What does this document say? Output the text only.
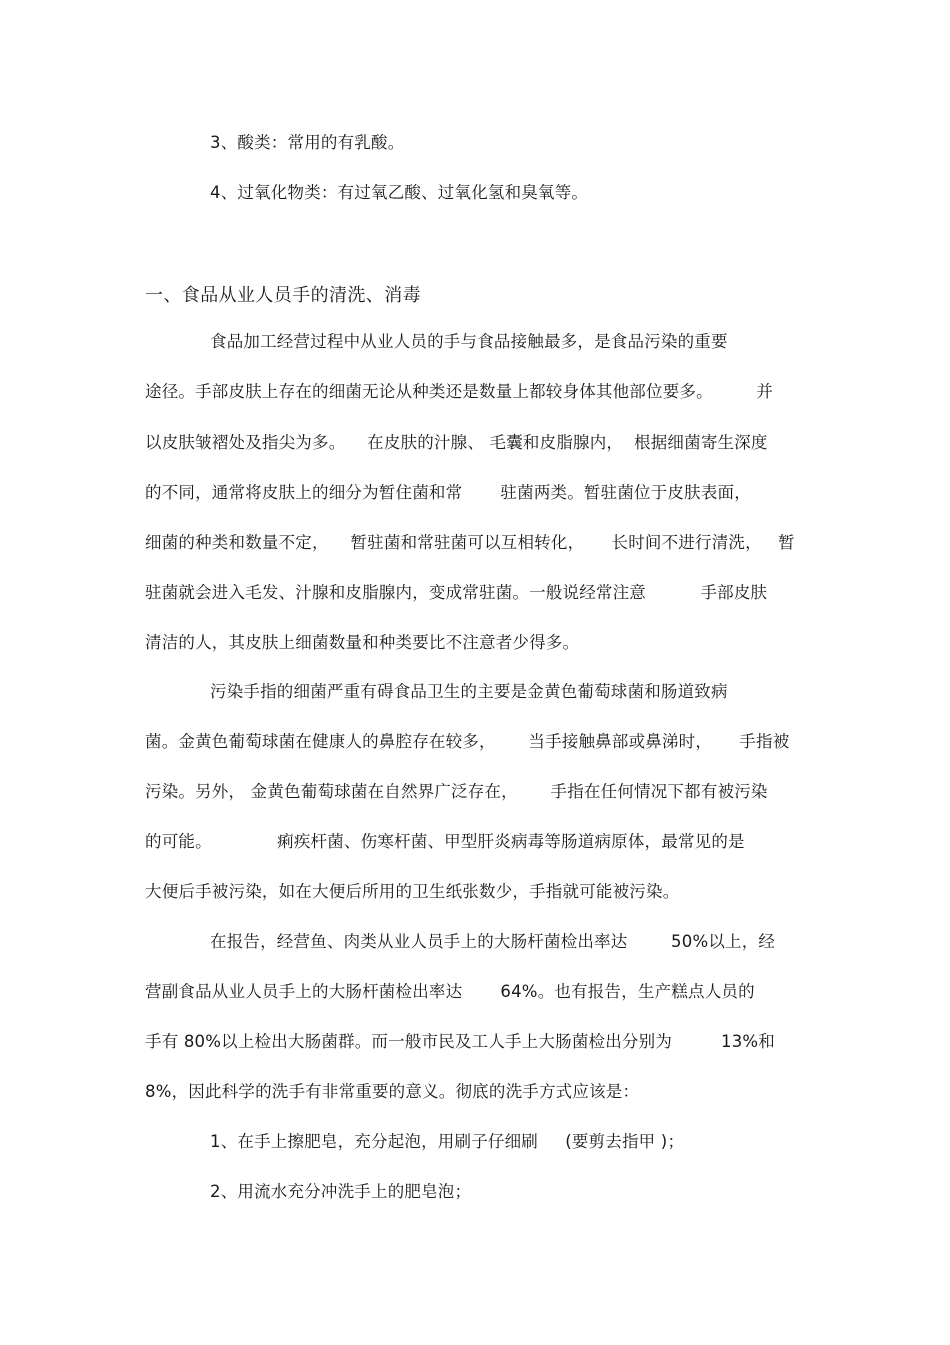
3、酸类：常用的有乳酸。
4、过氧化物类：有过氧乙酸、过氧化氢和臭氧等。
一、食品从业人员手的清洗、消毒
食品加工经营过程中从业人员的手与食品接触最多，是食品污染的重要
途径。手部皮肤上存在的细菌无论从种类还是数量上都较身体其他部位要多。        并
以皮肤皱褶处及指尖为多。    在皮肤的汁腺、 毛囊和皮脂腺内，  根据细菌寄生深度
的不同，通常将皮肤上的细分为暂住菌和常       驻菌两类。暂驻菌位于皮肤表面，
细菌的种类和数量不定，    暂驻菌和常驻菌可以互相转化，     长时间不进行清洗，   暂
驻菌就会进入毛发、汁腺和皮脂腺内，变成常驻菌。一般说经常注意          手部皮肤
清洁的人，其皮肤上细菌数量和种类要比不注意者少得多。
污染手指的细菌严重有碍食品卫生的主要是金黄色葡萄球菌和肠道致病
菌。金黄色葡萄球菌在健康人的鼻腔存在较多，      当手接触鼻部或鼻涕时，     手指被
污染。另外， 金黄色葡萄球菌在自然界广泛存在，      手指在任何情况下都有被污染
的可能。            痢疾杆菌、伤寒杆菌、甲型肝炎病毒等肠道病原体，最常见的是
大便后手被污染，如在大便后所用的卫生纸张数少，手指就可能被污染。
在报告，经营鱼、肉类从业人员手上的大肠杆菌检出率达        50%以上，经
营副食品从业人员手上的大肠杆菌检出率达       64%。也有报告，生产糕点人员的
手有 80%以上检出大肠菌群。而一般市民及工人手上大肠菌检出分别为         13%和
8%，因此科学的洗手有非常重要的意义。彻底的洗手方式应该是：
1、在手上擦肥皂，充分起泡，用刷子仔细刷     (要剪去指甲 )；
2、用流水充分冲洗手上的肥皂泡；
